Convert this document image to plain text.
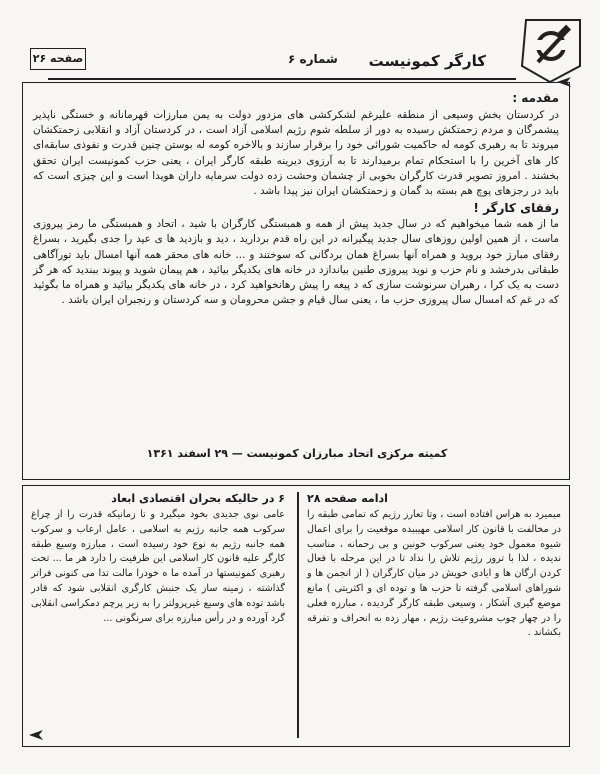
کارگر کمونیست
شماره ۶
صفحه ۲۶

مقدمه :

در کردستان بخش وسیعی از منطقه علیرغم لشکرکشی های مزدور دولت به یمن مبارزات قهرمانانه و خستگی ناپذیر پیشمرگان و مردم زحمتکش رسیده به دور از سلطه شوم رژیم اسلامی آزاد است ، در کردستان آزاد و انقلابی زحمتکشان میروند تا به رهبری کومه له حاکمیت شورائی خود را برقرار سازند و بالاخره کومه له بوستن چنین قدرت و نفوذی سابقه‌ای کار های آخرین را با استحکام تمام برمیدارند تا به آرزوی دیرینه طبقه کارگر ایران ، یعنی حزب کمونیست ایران تحقق بخشند . امروز تصویر قدرت کارگران بخوبی از چشمان وحشت زده دولت سرمایه داران هویدا است و این چیزی است که باید در رجزهای پوچ هم بسته بد گمان و زحمتکشان ایران نیز پیدا باشد .

رفقای کارگر !

ما از همه شما میخواهیم که در سال جدید پیش از همه و همبستگی کارگران با شید ، اتحاد و همبستگی ما رمز پیروزی ماست ، از همین اولین روزهای سال جدید پیگیرانه در این راه قدم بردارید ، دید و بازدید ها ی عید را جدی بگیرید ، بسراغ رفقای مبارز خود بروید و همراه آنها بسراغ همان بردگانی که سوختند و ... خانه های محقر همه آنها امسال باید تورآگاهی طبقاتی بدرخشد و نام حزب و نوید پیروزی طنین بیاندازد در خانه های یکدیگر بیائید ، هم پیمان شوید و پیوند ببندید که هر گز دست به یک کرا ، رهبران سرنوشت سازی که د پیغه را پیش رهانخواهید کرد ، در خانه های یکدیگر بیائید و همراه ما بگوئید که در غم که امسال سال پیروزی حزب ما ، یعنی سال قیام و جشن محرومان و سه کردستان و رنجبران ایران باشد .

کمیته مرکزی اتحاد مبارزان کمونیست — ۲۹ اسفند ۱۳۶۱

ادامه صفحه ۲۸

میمیرد به هراس افتاده است ، وتا تعارز رژیم که تمامی طبقه را در مخالفت با قانون کار اسلامی مهیبیده موقعیت را برای اعمال شیوه معمول خود یعنی سرکوب خونین و بی رحمانه ، مناسب ندیده ، لذا با ترور رژیم تلاش را نداد تا در این مرحله با فعال کردن ارگان ها و ایادی خویش در میان کارگران ( از انجمن ها و شوراهای اسلامی گرفته تا حزب ها و توده ای و اکثریتی ) مانع موضع گیری آشکار ، وسیعی طبقه کارگر گردیده ، مبارزه فعلی را در چهار چوب مشروعیت رژیم ، مهار زده به انحراف و تفرقه بکشاند .

۶ در حالیکه بحران اقتصادی ابعاد

عامی نوی جدیدی بخود میگیرد و تا زمانیکه قدرت را از چراغ سرکوب همه جانبه رژیم به اسلامی ، عامل ارعاب و سرکوب همه جانبه رژیم به نوع خود رسیده است ، مبارزه وسیع طبقه کارگر علیه قانون کار اسلامی این ظرفیت را دارد هر ما ... تحت رهبری کمونیستها در آمده ما ه خودرا مالت تدا می کنونی فراتر گذاشته ، زمینه ساز یک جنبش کارگری انقلابی شود که قادر باشد توده های وسیع غیرپرولتر را به زیر پرچم دمکراسی انقلابی گرد آورده و در رأس مبارزه برای سرنگونی ...
